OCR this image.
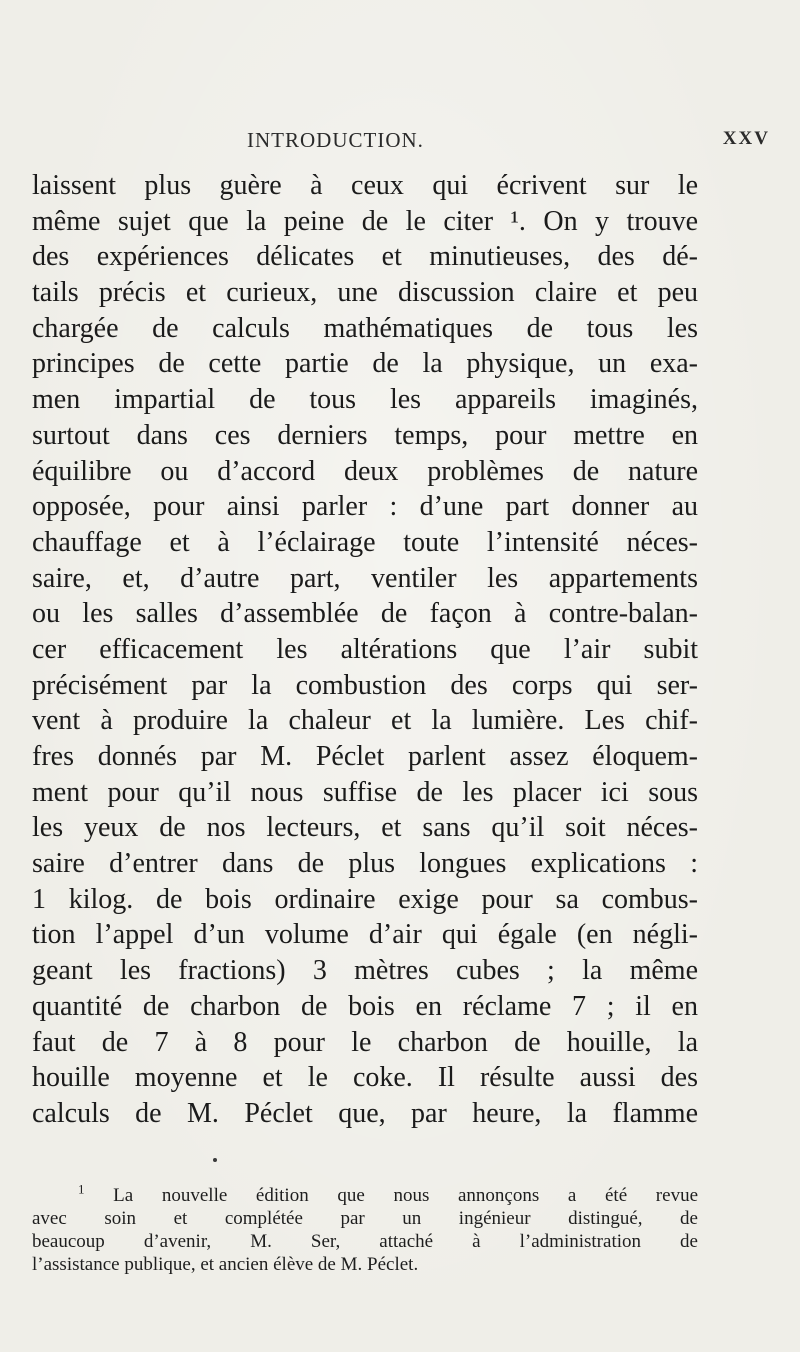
INTRODUCTION.	XXV
laissent plus guère à ceux qui écrivent sur le
même sujet que la peine de le citer ¹. On y trouve
des expériences délicates et minutieuses, des dé-
tails précis et curieux, une discussion claire et peu
chargée de calculs mathématiques de tous les
principes de cette partie de la physique, un exa-
men impartial de tous les appareils imaginés,
surtout dans ces derniers temps, pour mettre en
équilibre ou d’accord deux problèmes de nature
opposée, pour ainsi parler : d’une part donner au
chauffage et à l’éclairage toute l’intensité néces-
saire, et, d’autre part, ventiler les appartements
ou les salles d’assemblée de façon à contre-balan-
cer efficacement les altérations que l’air subit
précisément par la combustion des corps qui ser-
vent à produire la chaleur et la lumière. Les chif-
fres donnés par M. Péclet parlent assez éloquem-
ment pour qu’il nous suffise de les placer ici sous
les yeux de nos lecteurs, et sans qu’il soit néces-
saire d’entrer dans de plus longues explications :
1 kilog. de bois ordinaire exige pour sa combus-
tion l’appel d’un volume d’air qui égale (en négli-
geant les fractions) 3 mètres cubes ; la même
quantité de charbon de bois en réclame 7 ; il en
faut de 7 à 8 pour le charbon de houille, la
houille moyenne et le coke. Il résulte aussi des
calculs de M. Péclet que, par heure, la flamme
$^1$ La nouvelle édition que nous annonçons a été revue
avec soin et complétée par un ingénieur distingué, de
beaucoup d’avenir, M. Ser, attaché à l’administration de
l’assistance publique, et ancien élève de M. Péclet.
